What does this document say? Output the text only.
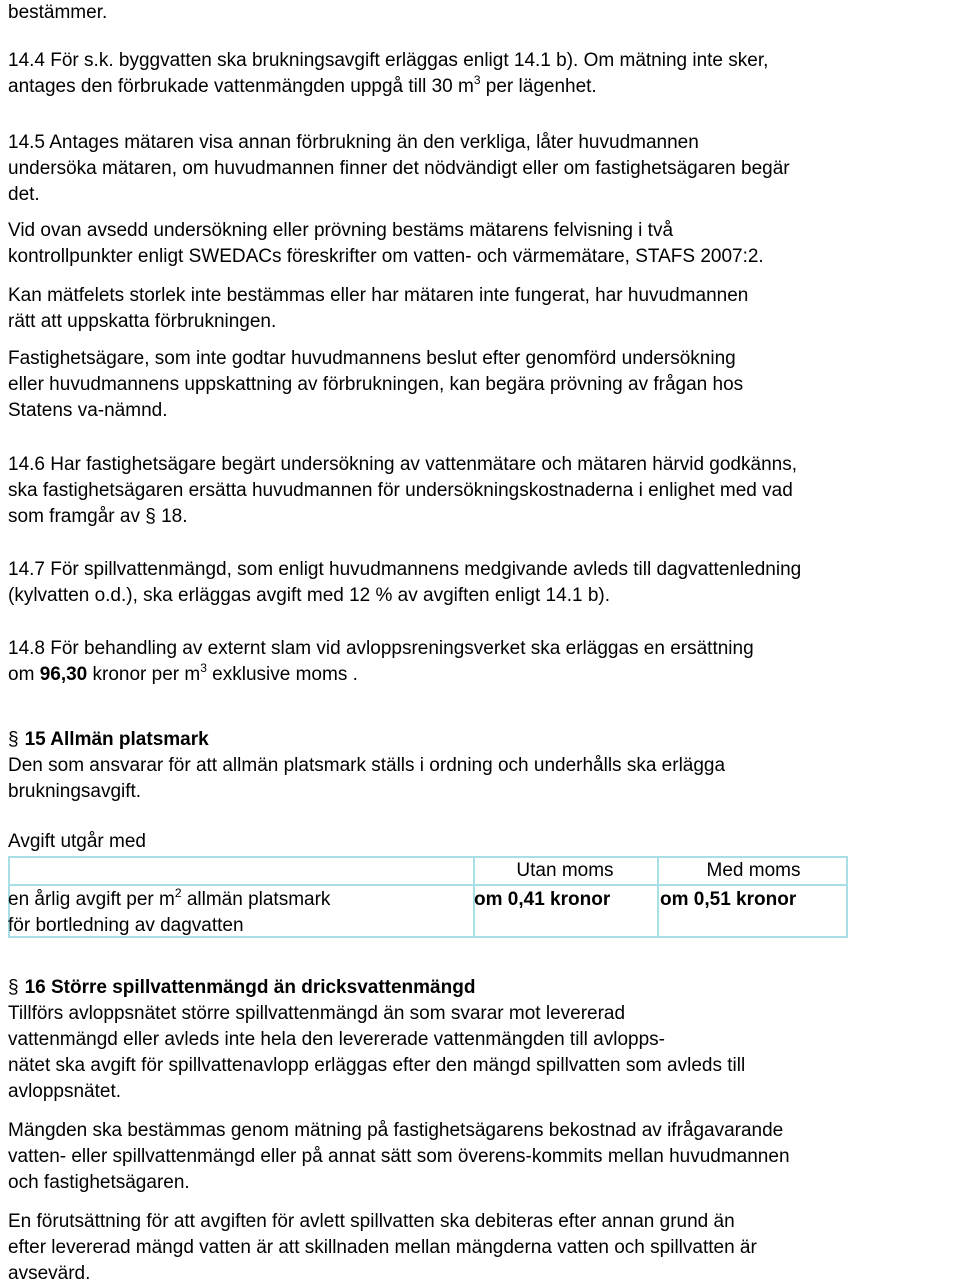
bestämmer.
14.4 För s.k. byggvatten ska brukningsavgift erläggas enligt 14.1 b). Om mätning inte sker,
antages den förbrukade vattenmängden uppgå till 30 $m^3$ per lägenhet.
14.5 Antages mätaren visa annan förbrukning än den verkliga, låter huvudmannen
undersöka mätaren, om huvudmannen finner det nödvändigt eller om fastighetsägaren begär
det.
Vid ovan avsedd undersökning eller prövning bestäms mätarens felvisning i två
kontrollpunkter enligt SWEDACs föreskrifter om vatten- och värmemätare, STAFS 2007:2.
Kan mätfelets storlek inte bestämmas eller har mätaren inte fungerat, har huvudmannen
rätt att uppskatta förbrukningen.
Fastighetsägare, som inte godtar huvudmannens beslut efter genomförd undersökning
eller huvudmannens uppskattning av förbrukningen, kan begära prövning av frågan hos
Statens va-nämnd.
14.6 Har fastighetsägare begärt undersökning av vattenmätare och mätaren härvid godkänns,
ska fastighetsägaren ersätta huvudmannen för undersökningskostnaderna i enlighet med vad
som framgår av § 18.
14.7 För spillvattenmängd, som enligt huvudmannens medgivande avleds till dagvattenledning
(kylvatten o.d.), ska erläggas avgift med 12 % av avgiften enligt 14.1 b).
14.8 För behandling av externt slam vid avloppsreningsverket ska erläggas en ersättning
om 96,30 kronor per $m^3$ exklusive moms .
§ 15 Allmän platsmark
Den som ansvarar för att allmän platsmark ställs i ordning och underhålls ska erlägga
brukningsavgift.
Avgift utgår med
Utan moms	Med moms
en årlig avgift per $m^2$ allmän platsmark
för bortledning av dagvatten
om 0,41 kronor	om 0,51 kronor
§ 16 Större spillvattenmängd än dricksvattenmängd
Tillförs avloppsnätet större spillvattenmängd än som svarar mot levererad
vattenmängd eller avleds inte hela den levererade vattenmängden till avlopps-
nätet ska avgift för spillvattenavlopp erläggas efter den mängd spillvatten som avleds till
avloppsnätet.
Mängden ska bestämmas genom mätning på fastighetsägarens bekostnad av ifrågavarande
vatten- eller spillvattenmängd eller på annat sätt som överens-kommits mellan huvudmannen
och fastighetsägaren.
En förutsättning för att avgiften för avlett spillvatten ska debiteras efter annan grund än
efter levererad mängd vatten är att skillnaden mellan mängderna vatten och spillvatten är
avsevärd.
